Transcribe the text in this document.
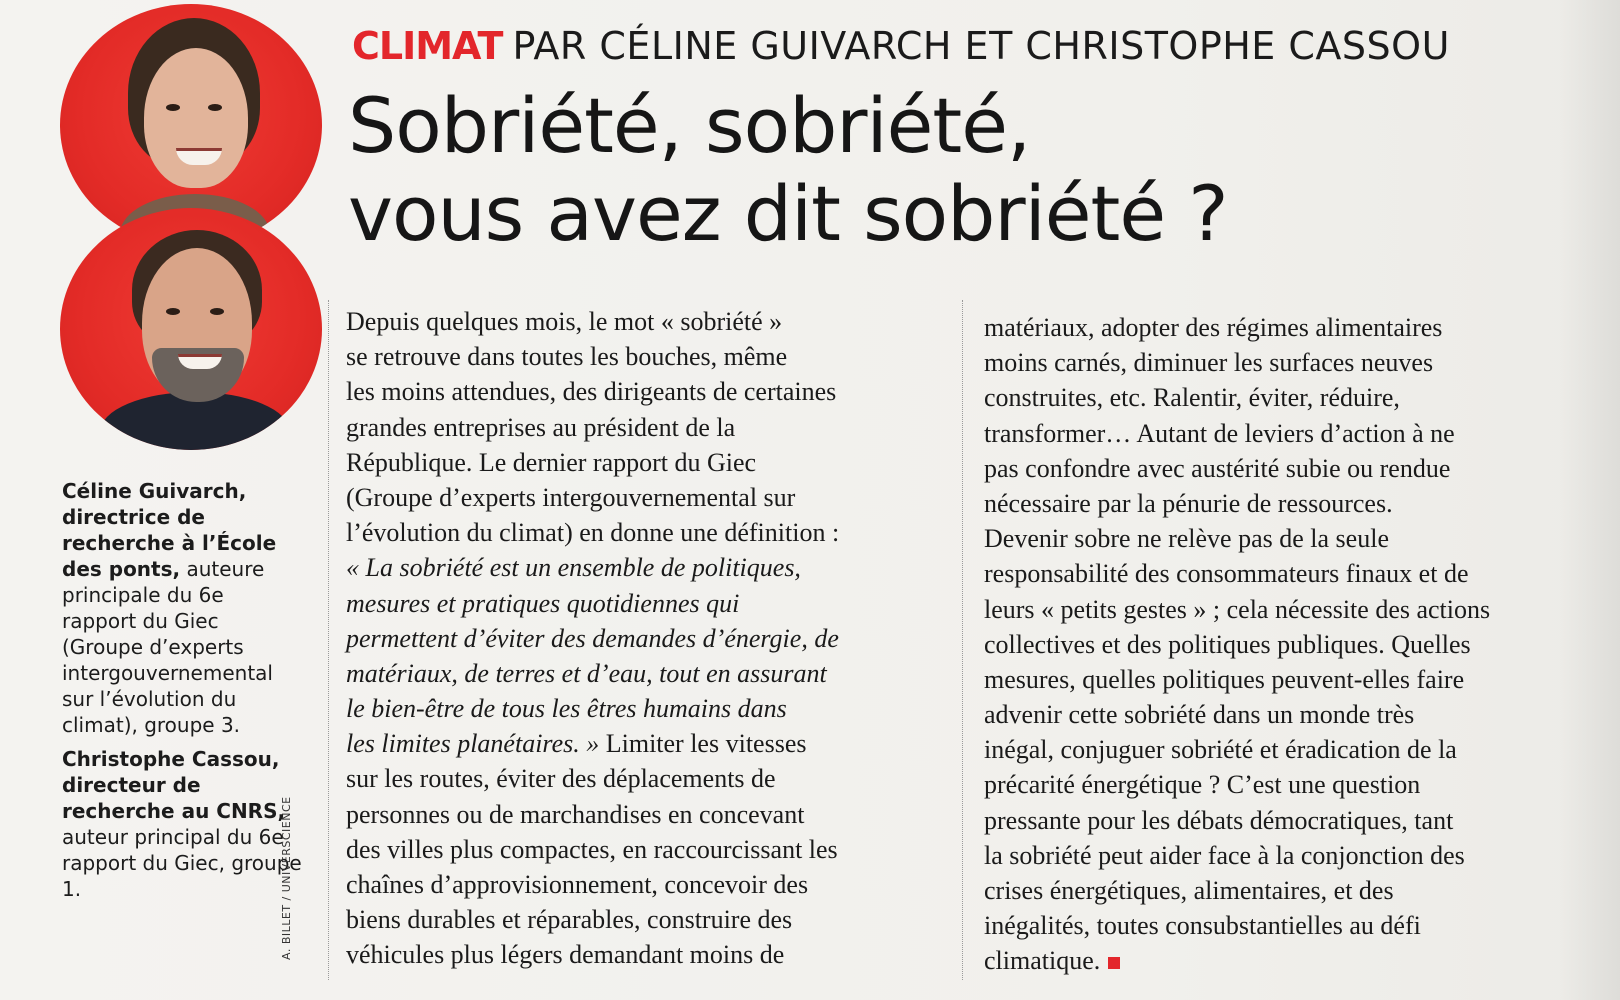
Céline Guivarch, directrice de recherche à l’École des ponts, auteure principale du 6e rapport du Giec (Groupe d’experts intergouvernemental sur l’évolution du climat), groupe 3.

Christophe Cassou, directeur de recherche au CNRS, auteur principal du 6e rapport du Giec, groupe 1.	A. BILLET / UNIVERSCIENCE
CLIMAT PAR CÉLINE GUIVARCH ET CHRISTOPHE CASSOU
Sobriété, sobriété,
vous avez dit sobriété ?
Depuis quelques mois, le mot « sobriété »
se retrouve dans toutes les bouches, même
les moins attendues, des dirigeants de certaines
grandes entreprises au président de la
République. Le dernier rapport du Giec
(Groupe d’experts intergouvernemental sur
l’évolution du climat) en donne une définition :
« La sobriété est un ensemble de politiques,
mesures et pratiques quotidiennes qui
permettent d’éviter des demandes d’énergie, de
matériaux, de terres et d’eau, tout en assurant
le bien-être de tous les êtres humains dans
les limites planétaires. » Limiter les vitesses
sur les routes, éviter des déplacements de
personnes ou de marchandises en concevant
des villes plus compactes, en raccourcissant les
chaînes d’approvisionnement, concevoir des
biens durables et réparables, construire des
véhicules plus légers demandant moins de
matériaux, adopter des régimes alimentaires
moins carnés, diminuer les surfaces neuves
construites, etc. Ralentir, éviter, réduire,
transformer… Autant de leviers d’action à ne
pas confondre avec austérité subie ou rendue
nécessaire par la pénurie de ressources.
Devenir sobre ne relève pas de la seule
responsabilité des consommateurs finaux et de
leurs « petits gestes » ; cela nécessite des actions
collectives et des politiques publiques. Quelles
mesures, quelles politiques peuvent-elles faire
advenir cette sobriété dans un monde très
inégal, conjuguer sobriété et éradication de la
précarité énergétique ? C’est une question
pressante pour les débats démocratiques, tant
la sobriété peut aider face à la conjonction des
crises énergétiques, alimentaires, et des
inégalités, toutes consubstantielles au défi
climatique.
